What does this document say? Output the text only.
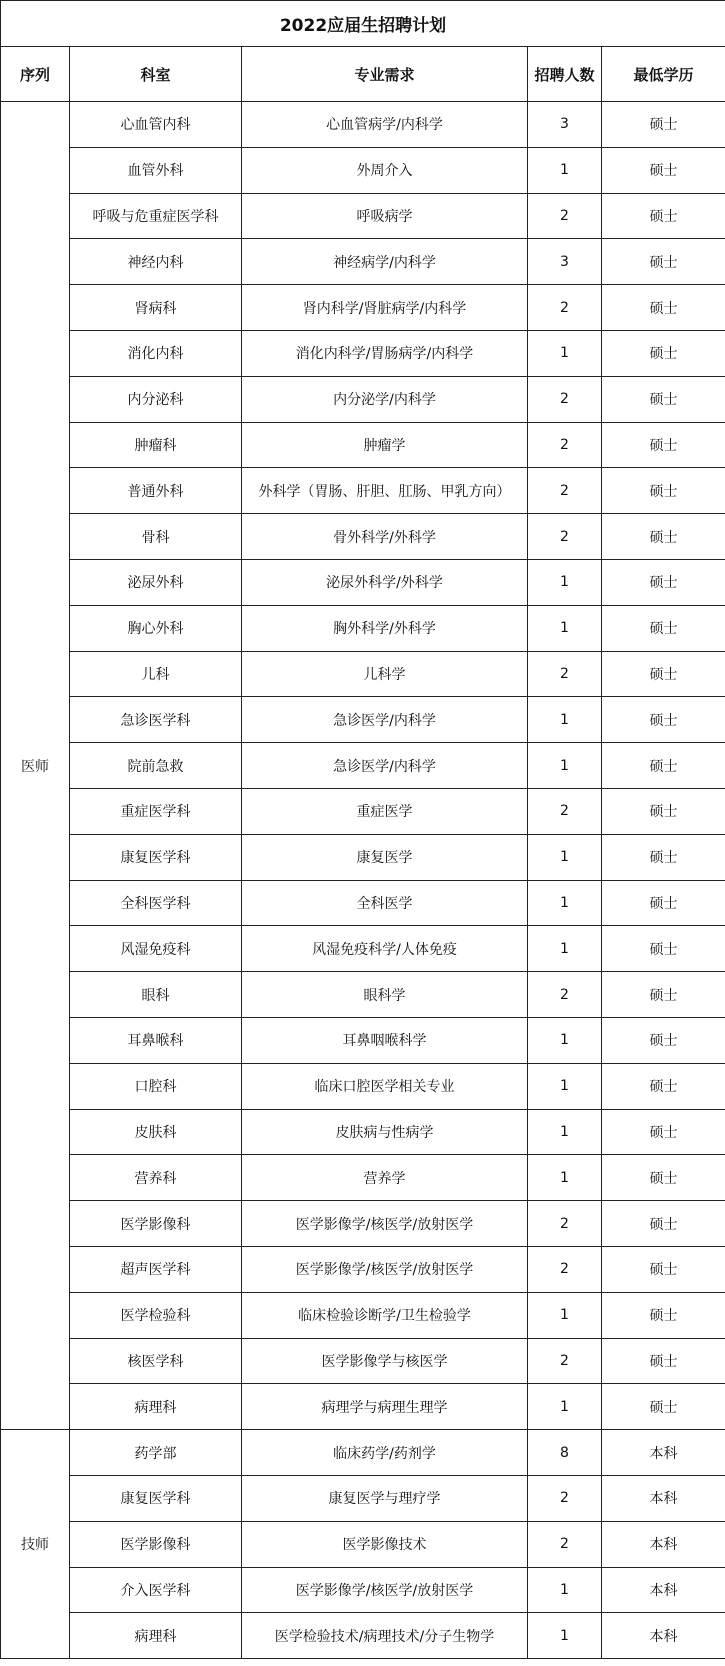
2022应届生招聘计划				
序列	科室	专业需求	招聘人数	最低学历
医师	心血管内科	心血管病学/内科学	3	硕士
	血管外科	外周介入	1	硕士
	呼吸与危重症医学科	呼吸病学	2	硕士
	神经内科	神经病学/内科学	3	硕士
	肾病科	肾内科学/肾脏病学/内科学	2	硕士
	消化内科	消化内科学/胃肠病学/内科学	1	硕士
	内分泌科	内分泌学/内科学	2	硕士
	肿瘤科	肿瘤学	2	硕士
	普通外科	外科学（胃肠、肝胆、肛肠、甲乳方向）	2	硕士
	骨科	骨外科学/外科学	2	硕士
	泌尿外科	泌尿外科学/外科学	1	硕士
	胸心外科	胸外科学/外科学	1	硕士
	儿科	儿科学	2	硕士
	急诊医学科	急诊医学/内科学	1	硕士
	院前急救	急诊医学/内科学	1	硕士
	重症医学科	重症医学	2	硕士
	康复医学科	康复医学	1	硕士
	全科医学科	全科医学	1	硕士
	风湿免疫科	风湿免疫科学/人体免疫	1	硕士
	眼科	眼科学	2	硕士
	耳鼻喉科	耳鼻咽喉科学	1	硕士
	口腔科	临床口腔医学相关专业	1	硕士
	皮肤科	皮肤病与性病学	1	硕士
	营养科	营养学	1	硕士
	医学影像科	医学影像学/核医学/放射医学	2	硕士
	超声医学科	医学影像学/核医学/放射医学	2	硕士
	医学检验科	临床检验诊断学/卫生检验学	1	硕士
	核医学科	医学影像学与核医学	2	硕士
	病理科	病理学与病理生理学	1	硕士
技师	药学部	临床药学/药剂学	8	本科
	康复医学科	康复医学与理疗学	2	本科
	医学影像科	医学影像技术	2	本科
	介入医学科	医学影像学/核医学/放射医学	1	本科
	病理科	医学检验技术/病理技术/分子生物学	1	本科
